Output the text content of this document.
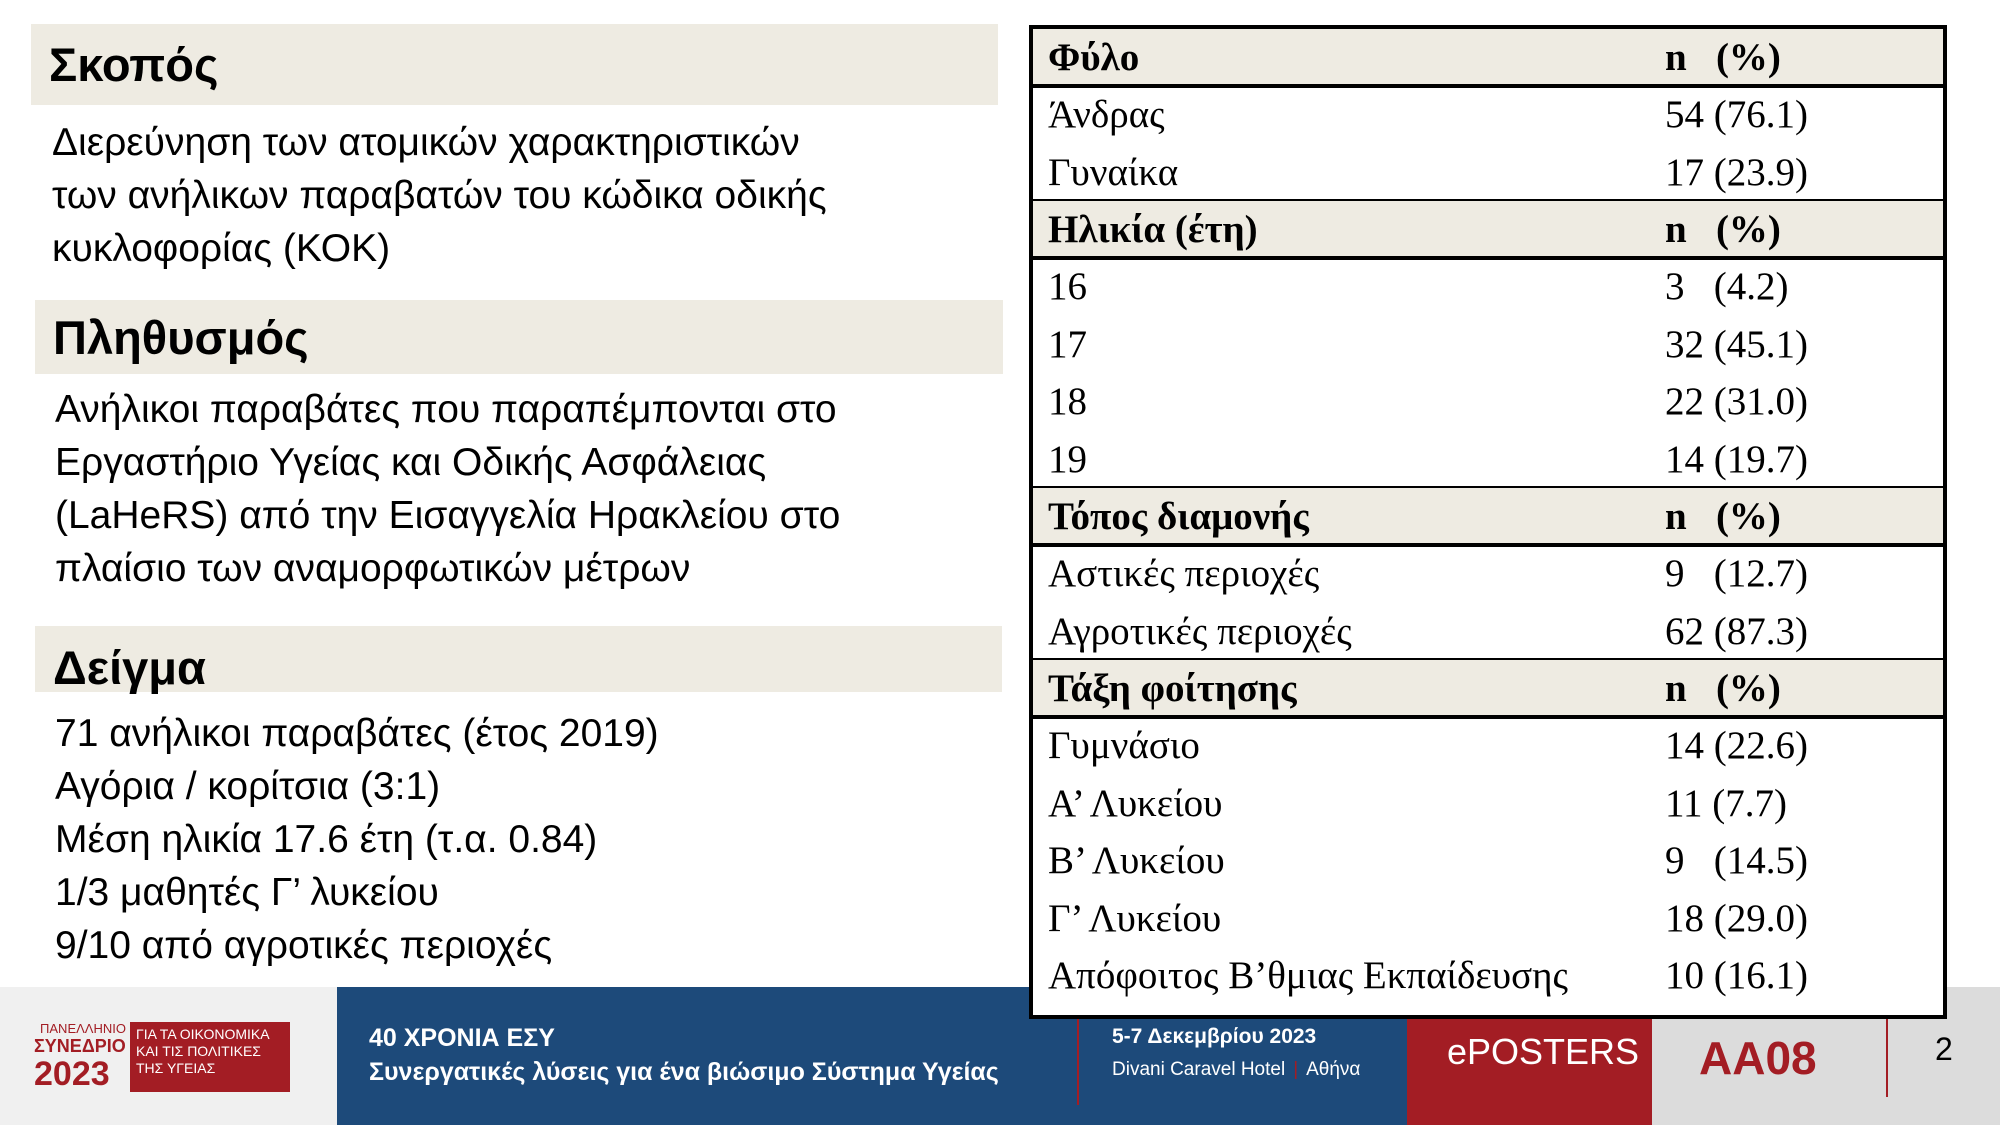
Σκοπός
Διερεύνηση των ατομικών χαρακτηριστικών
των ανήλικων παραβατών του κώδικα οδικής
κυκλοφορίας (ΚΟΚ)
Πληθυσμός
Ανήλικοι παραβάτες που παραπέμπονται στο
Εργαστήριο Υγείας και Οδικής Ασφάλειας
(LaHeRS) από την Εισαγγελία Ηρακλείου στο
πλαίσιο των αναμορφωτικών μέτρων
Δείγμα
71 ανήλικοι παραβάτες (έτος 2019)
Αγόρια / κορίτσια (3:1)
Μέση ηλικία 17.6 έτη (τ.α. 0.84)
1/3 μαθητές Γ’ λυκείου
9/10 από αγροτικές περιοχές
ΠΑΝΕΛΛΗΝΙΟ
ΣΥΝΕΔΡΙΟ
2023
ΓΙΑ ΤΑ ΟΙΚΟΝΟΜΙΚΑ ΚΑΙ ΤΙΣ ΠΟΛΙΤΙΚΕΣ ΤΗΣ ΥΓΕΙΑΣ
40 ΧΡΟΝΙΑ ΕΣΥ
Συνεργατικές λύσεις για ένα βιώσιμο Σύστημα Υγείας
5-7 Δεκεμβρίου 2023
Divani Caravel Hotel | Αθήνα ePOSTERS ΑΑ08	2
Φύλο	n   (%)
Άνδρας	54 (76.1)
Γυναίκα	17 (23.9)
Ηλικία (έτη)	n   (%)
16	3   (4.2)
17	32 (45.1)
18	22 (31.0)
19	14 (19.7)
Τόπος διαμονής	n   (%)
Αστικές περιοχές	9   (12.7)
Αγροτικές περιοχές	62 (87.3)
Τάξη φοίτησης	n   (%)
Γυμνάσιο	14 (22.6)
Α’ Λυκείου	11 (7.7)
Β’ Λυκείου	9   (14.5)
Γ’ Λυκείου	18 (29.0)
Απόφοιτος Β’θμιας Εκπαίδευσης 10 (16.1)
